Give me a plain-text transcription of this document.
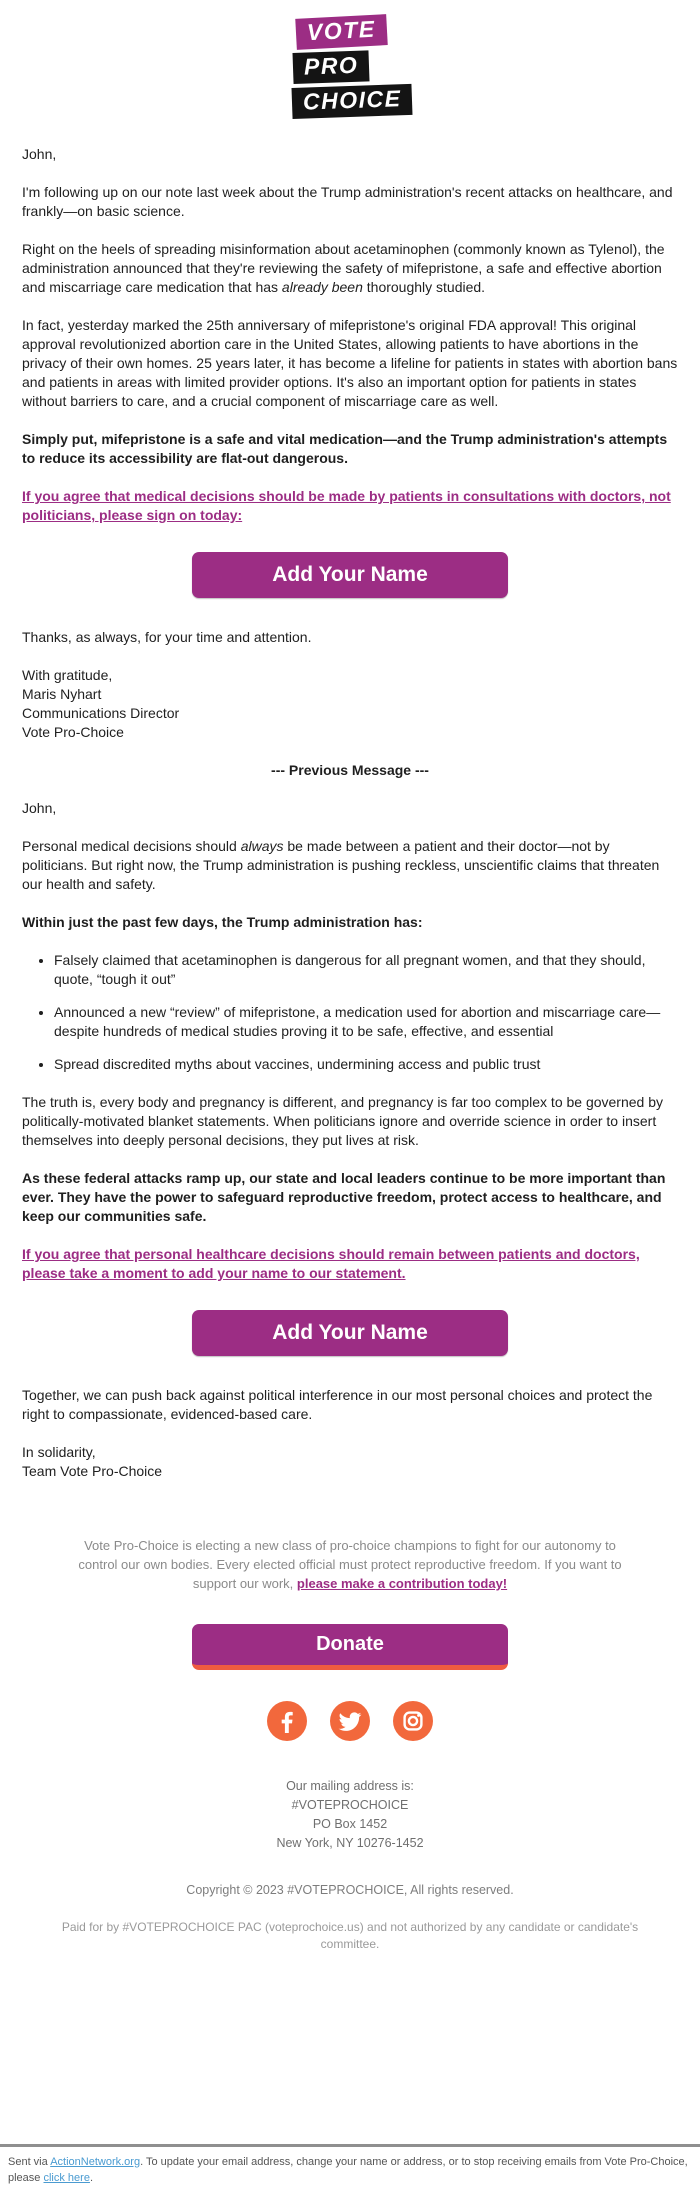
VOTE
PRO
CHOICE

John,

I'm following up on our note last week about the Trump administration's recent attacks on healthcare, and frankly—on basic science.

Right on the heels of spreading misinformation about acetaminophen (commonly known as Tylenol), the administration announced that they're reviewing the safety of mifepristone, a safe and effective abortion and miscarriage care medication that has already been thoroughly studied.

In fact, yesterday marked the 25th anniversary of mifepristone's original FDA approval! This original approval revolutionized abortion care in the United States, allowing patients to have abortions in the privacy of their own homes. 25 years later, it has become a lifeline for patients in states with abortion bans and patients in areas with limited provider options. It's also an important option for patients in states without barriers to care, and a crucial component of miscarriage care as well.

Simply put, mifepristone is a safe and vital medication—and the Trump administration's attempts to reduce its accessibility are flat-out dangerous.

If you agree that medical decisions should be made by patients in consultations with doctors, not politicians, please sign on today:

Add Your Name

Thanks, as always, for your time and attention.

With gratitude,
Maris Nyhart
Communications Director
Vote Pro-Choice

--- Previous Message ---

John,

Personal medical decisions should always be made between a patient and their doctor—not by politicians. But right now, the Trump administration is pushing reckless, unscientific claims that threaten our health and safety.

Within just the past few days, the Trump administration has:

• Falsely claimed that acetaminophen is dangerous for all pregnant women, and that they should, quote, “tough it out”
• Announced a new “review” of mifepristone, a medication used for abortion and miscarriage care—despite hundreds of medical studies proving it to be safe, effective, and essential
• Spread discredited myths about vaccines, undermining access and public trust

The truth is, every body and pregnancy is different, and pregnancy is far too complex to be governed by politically-motivated blanket statements. When politicians ignore and override science in order to insert themselves into deeply personal decisions, they put lives at risk.

As these federal attacks ramp up, our state and local leaders continue to be more important than ever. They have the power to safeguard reproductive freedom, protect access to healthcare, and keep our communities safe.

If you agree that personal healthcare decisions should remain between patients and doctors, please take a moment to add your name to our statement.

Add Your Name

Together, we can push back against political interference in our most personal choices and protect the right to compassionate, evidenced-based care.

In solidarity,
Team Vote Pro-Choice

Vote Pro-Choice is electing a new class of pro-choice champions to fight for our autonomy to control our own bodies. Every elected official must protect reproductive freedom. If you want to support our work, please make a contribution today!

Donate
Our mailing address is:
#VOTEPROCHOICE
PO Box 1452
New York, NY 10276-1452
Copyright © 2023 #VOTEPROCHOICE, All rights reserved.
Paid for by #VOTEPROCHOICE PAC (voteprochoice.us) and not authorized by any candidate or candidate's committee.
Sent via ActionNetwork.org. To update your email address, change your name or address, or to stop receiving emails from Vote Pro-Choice, please click here.
